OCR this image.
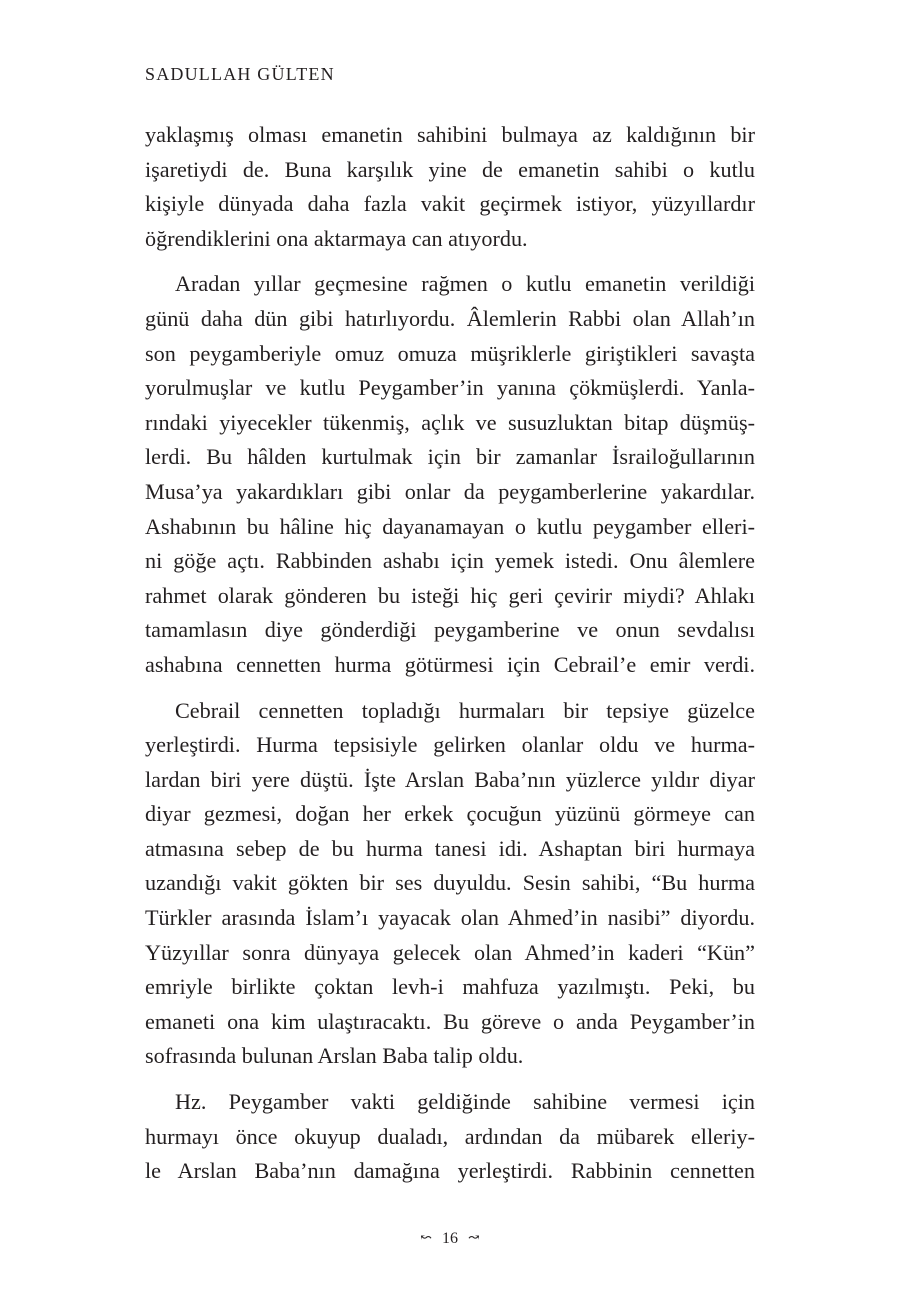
SADULLAH GÜLTEN
yaklaşmış olması emanetin sahibini bulmaya az kaldığının bir
işaretiydi de. Buna karşılık yine de emanetin sahibi o kutlu
kişiyle dünyada daha fazla vakit geçirmek istiyor, yüzyıllardır
öğrendiklerini ona aktarmaya can atıyordu.
Aradan yıllar geçmesine rağmen o kutlu emanetin verildiği
günü daha dün gibi hatırlıyordu. Âlemlerin Rabbi olan Allah’ın
son peygamberiyle omuz omuza müşriklerle giriştikleri savaşta
yorulmuşlar ve kutlu Peygamber’in yanına çökmüşlerdi. Yanla-
rındaki yiyecekler tükenmiş, açlık ve susuzluktan bitap düşmüş-
lerdi. Bu hâlden kurtulmak için bir zamanlar İsrailoğullarının
Musa’ya yakardıkları gibi onlar da peygamberlerine yakardılar.
Ashabının bu hâline hiç dayanamayan o kutlu peygamber elleri-
ni göğe açtı. Rabbinden ashabı için yemek istedi. Onu âlemlere
rahmet olarak gönderen bu isteği hiç geri çevirir miydi? Ahlakı
tamamlasın diye gönderdiği peygamberine ve onun sevdalısı
ashabına cennetten hurma götürmesi için Cebrail’e emir verdi.
Cebrail cennetten topladığı hurmaları bir tepsiye güzelce
yerleştirdi. Hurma tepsisiyle gelirken olanlar oldu ve hurma-
lardan biri yere düştü. İşte Arslan Baba’nın yüzlerce yıldır diyar
diyar gezmesi, doğan her erkek çocuğun yüzünü görmeye can
atmasına sebep de bu hurma tanesi idi. Ashaptan biri hurmaya
uzandığı vakit gökten bir ses duyuldu. Sesin sahibi, “Bu hurma
Türkler arasında İslam’ı yayacak olan Ahmed’in nasibi” diyordu.
Yüzyıllar sonra dünyaya gelecek olan Ahmed’in kaderi “Kün”
emriyle birlikte çoktan levh-i mahfuza yazılmıştı. Peki, bu
emaneti ona kim ulaştıracaktı. Bu göreve o anda Peygamber’in
sofrasında bulunan Arslan Baba talip oldu.
Hz. Peygamber vakti geldiğinde sahibine vermesi için
hurmayı önce okuyup dualadı, ardından da mübarek elleriy-
le Arslan Baba’nın damağına yerleştirdi. Rabbinin cennetten
↜ 16 ↝
